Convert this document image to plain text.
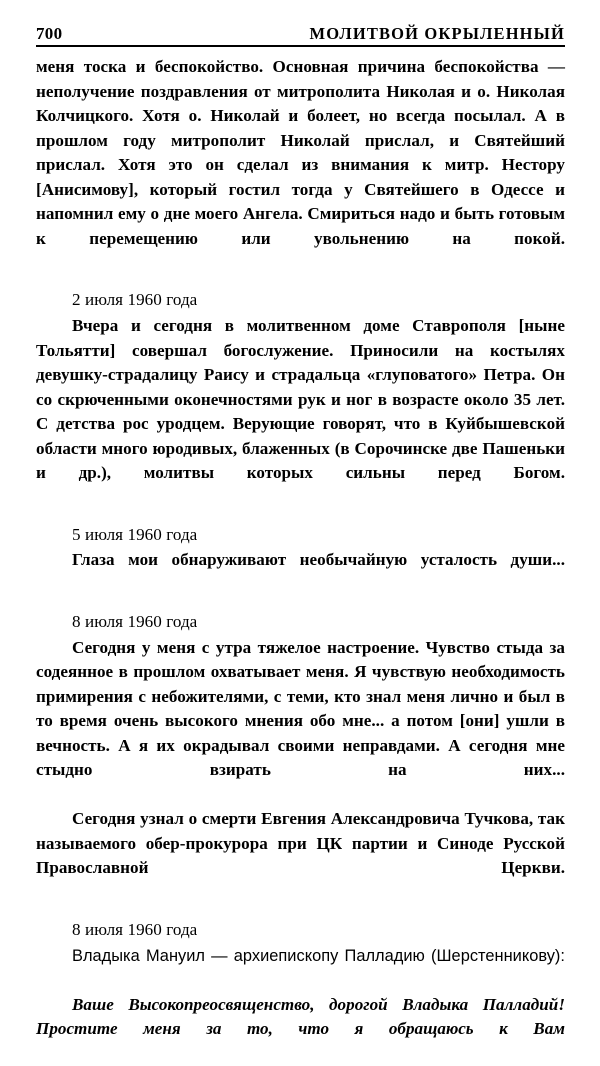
700	МОЛИТВОЙ ОКРЫЛЕННЫЙ

меня тоска и беспокойство. Основная причина беспокойства — неполучение поздравления от митрополита Николая и о. Николая Колчицкого. Хотя о. Николай и болеет, но всегда посылал. А в прошлом году митрополит Николай прислал, и Святейший прислал. Хотя это он сделал из внимания к митр. Нестору [Анисимову], который гостил тогда у Святейшего в Одессе и напомнил ему о дне моего Ангела. Смириться надо и быть готовым к перемещению или увольнению на покой.

2 июля 1960 года

Вчера и сегодня в молитвенном доме Ставрополя [ныне Тольятти] совершал богослужение. Приносили на костылях девушку-страдалицу Раису и страдальца «глуповатого» Петра. Он со скрюченными оконечностями рук и ног в возрасте около 35 лет. С детства рос уродцем. Верующие говорят, что в Куйбышевской области много юродивых, блаженных (в Сорочинске две Пашеньки и др.), молитвы которых сильны перед Богом.

5 июля 1960 года

Глаза мои обнаруживают необычайную усталость души...

8 июля 1960 года

Сегодня у меня с утра тяжелое настроение. Чувство стыда за содеянное в прошлом охватывает меня. Я чувствую необходимость примирения с небожителями, с теми, кто знал меня лично и был в то время очень высокого мнения обо мне... а потом [они] ушли в вечность. А я их окрадывал своими неправдами. А сегодня мне стыдно взирать на них...

Сегодня узнал о смерти Евгения Александровича Тучкова, так называемого обер-прокурора при ЦК партии и Синоде Русской Православной Церкви.

8 июля 1960 года

Владыка Мануил — архиепископу Палладию (Шерстенникову):

Ваше Высокопреосвященство, дорогой Владыка Палладий! Простите меня за то, что я обращаюсь к Вам
